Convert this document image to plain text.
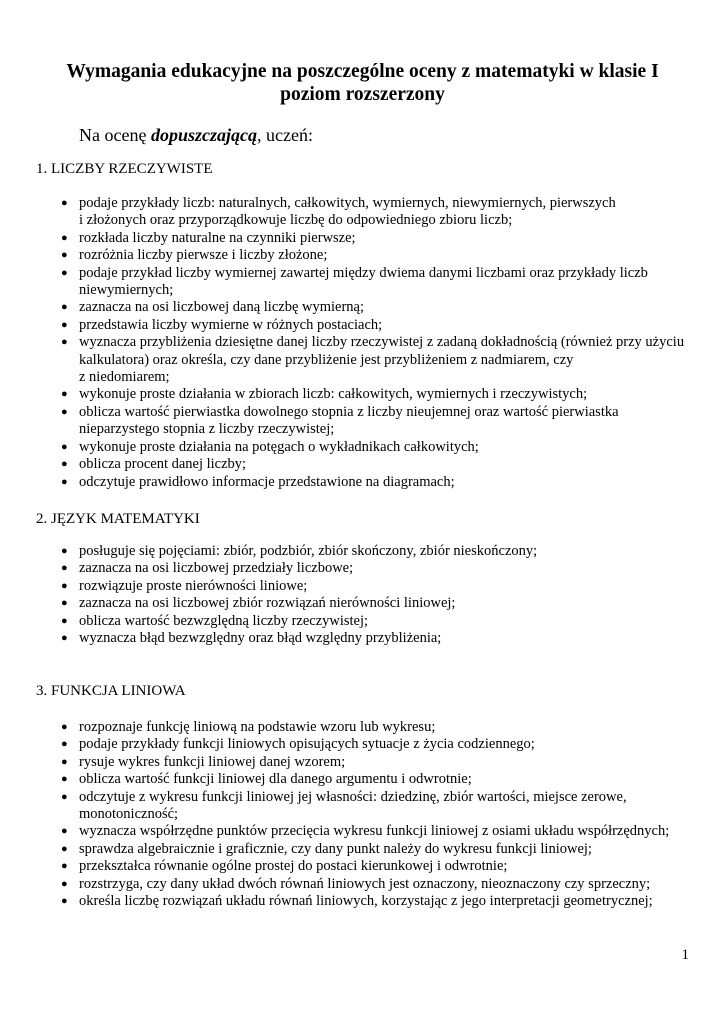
Wymagania edukacyjne na poszczególne oceny z matematyki w klasie I
poziom rozszerzony

Na ocenę dopuszczającą, uczeń:

1. LICZBY RZECZYWISTE

● podaje przykłady liczb: naturalnych, całkowitych, wymiernych, niewymiernych, pierwszych
i złożonych oraz przyporządkowuje liczbę do odpowiedniego zbioru liczb;
● rozkłada liczby naturalne na czynniki pierwsze;
● rozróżnia liczby pierwsze i liczby złożone;
● podaje przykład liczby wymiernej zawartej między dwiema danymi liczbami oraz przykłady liczb
niewymiernych;
● zaznacza na osi liczbowej daną liczbę wymierną;
● przedstawia liczby wymierne w różnych postaciach;
● wyznacza przybliżenia dziesiętne danej liczby rzeczywistej z zadaną dokładnością (również przy użyciu
kalkulatora) oraz określa, czy dane przybliżenie jest przybliżeniem z nadmiarem, czy
z niedomiarem;
● wykonuje proste działania w zbiorach liczb: całkowitych, wymiernych i rzeczywistych;
● oblicza wartość pierwiastka dowolnego stopnia z liczby nieujemnej oraz wartość pierwiastka
nieparzystego stopnia z liczby rzeczywistej;
● wykonuje proste działania na potęgach o wykładnikach całkowitych;
● oblicza procent danej liczby;
● odczytuje prawidłowo informacje przedstawione na diagramach;

2. JĘZYK MATEMATYKI

● posługuje się pojęciami: zbiór, podzbiór, zbiór skończony, zbiór nieskończony;
● zaznacza na osi liczbowej przedziały liczbowe;
● rozwiązuje proste nierówności liniowe;
● zaznacza na osi liczbowej zbiór rozwiązań nierówności liniowej;
● oblicza wartość bezwzględną liczby rzeczywistej;
● wyznacza błąd bezwzględny oraz błąd względny przybliżenia;

3. FUNKCJA LINIOWA

● rozpoznaje funkcję liniową na podstawie wzoru lub wykresu;
● podaje przykłady funkcji liniowych opisujących sytuacje z życia codziennego;
● rysuje wykres funkcji liniowej danej wzorem;
● oblicza wartość funkcji liniowej dla danego argumentu i odwrotnie;
● odczytuje z wykresu funkcji liniowej jej własności: dziedzinę, zbiór wartości, miejsce zerowe,
monotoniczność;
● wyznacza współrzędne punktów przecięcia wykresu funkcji liniowej z osiami układu współrzędnych;
● sprawdza algebraicznie i graficznie, czy dany punkt należy do wykresu funkcji liniowej;
● przekształca równanie ogólne prostej do postaci kierunkowej i odwrotnie;
● rozstrzyga, czy dany układ dwóch równań liniowych jest oznaczony, nieoznaczony czy sprzeczny;
● określa liczbę rozwiązań układu równań liniowych, korzystając z jego interpretacji geometrycznej;

1
